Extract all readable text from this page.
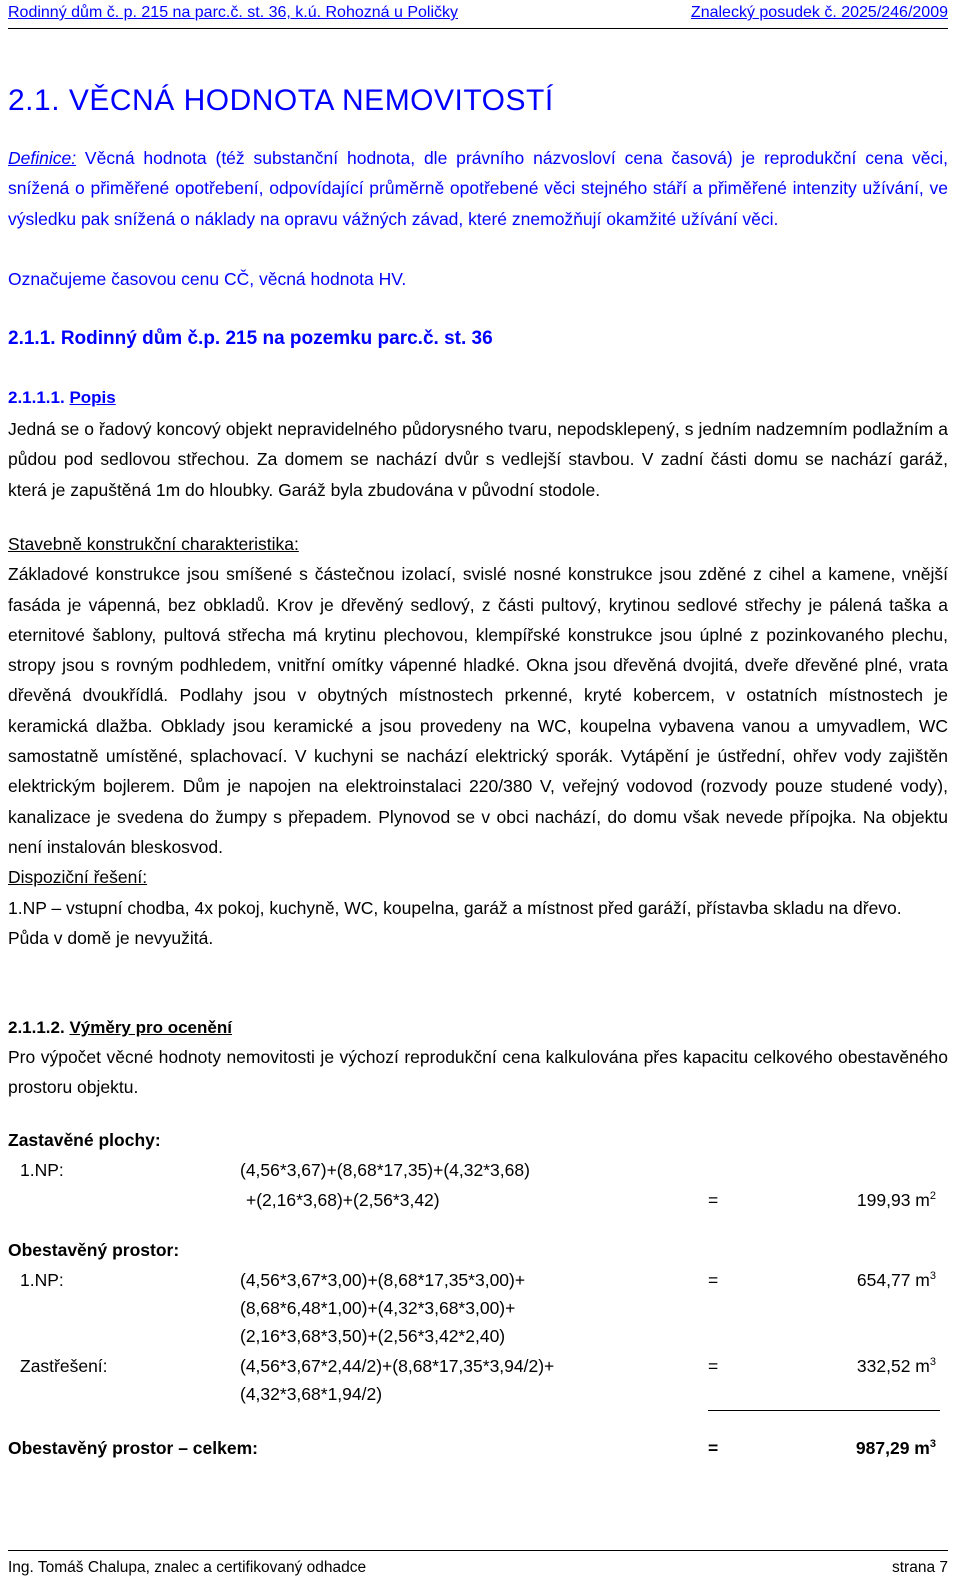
Rodinný dům č. p. 215 na parc.č. st. 36, k.ú. Rohozná u Poličky	Znalecký posudek č. 2025/246/2009
2.1. VĚCNÁ HODNOTA NEMOVITOSTÍ
Definice: Věcná hodnota (též substanční hodnota, dle právního názvosloví cena časová) je reprodukční cena věci, snížená o přiměřené opotřebení, odpovídající průměrně opotřebené věci stejného stáří a přiměřené intenzity užívání, ve výsledku pak snížená o náklady na opravu vážných závad, které znemožňují okamžité užívání věci.
Označujeme časovou cenu CČ, věcná hodnota HV.
2.1.1. Rodinný dům č.p. 215 na pozemku parc.č. st. 36
2.1.1.1. Popis
Jedná se o řadový koncový objekt nepravidelného půdorysného tvaru, nepodsklepený, s jedním nadzemním podlažním a půdou pod sedlovou střechou. Za domem se nachází dvůr s vedlejší stavbou. V zadní části domu se nachází garáž, která je zapuštěná 1m do hloubky. Garáž byla zbudována v původní stodole.
Stavebně konstrukční charakteristika:
Základové konstrukce jsou smíšené s částečnou izolací, svislé nosné konstrukce jsou zděné z cihel a kamene, vnější fasáda je vápenná, bez obkladů. Krov je dřevěný sedlový, z části pultový, krytinou sedlové střechy je pálená taška a eternitové šablony, pultová střecha má krytinu plechovou, klempířské konstrukce jsou úplné z pozinkovaného plechu, stropy jsou s rovným podhledem, vnitřní omítky vápenné hladké. Okna jsou dřevěná dvojitá, dveře dřevěné plné, vrata dřevěná dvoukřídlá. Podlahy jsou v obytných místnostech prkenné, kryté kobercem, v ostatních místnostech je keramická dlažba. Obklady jsou keramické a jsou provedeny na WC, koupelna vybavena vanou a umyvadlem, WC samostatně umístěné, splachovací. V kuchyni se nachází elektrický sporák. Vytápění je ústřední, ohřev vody zajištěn elektrickým bojlerem. Dům je napojen na elektroinstalaci 220/380 V, veřejný vodovod (rozvody pouze studené vody), kanalizace je svedena do žumpy s přepadem. Plynovod se v obci nachází, do domu však nevede přípojka. Na objektu není instalován bleskosvod.
Dispoziční řešení:
1.NP – vstupní chodba, 4x pokoj, kuchyně, WC, koupelna, garáž a místnost před garáží, přístavba skladu na dřevo.
Půda v domě je nevyužitá.
2.1.1.2. Výměry pro ocenění
Pro výpočet věcné hodnoty nemovitosti je výchozí reprodukční cena kalkulována přes kapacitu celkového obestavěného prostoru objektu.
Zastavěné plochy:
1.NP:	(4,56*3,67)+(8,68*17,35)+(4,32*3,68)
+(2,16*3,68)+(2,56*3,42)	=	199,93 $m^2$
Obestavěný prostor:
1.NP:	(4,56*3,67*3,00)+(8,68*17,35*3,00)+	=	654,77 $m^3$
(8,68*6,48*1,00)+(4,32*3,68*3,00)+
(2,16*3,68*3,50)+(2,56*3,42*2,40)
Zastřešení:	(4,56*3,67*2,44/2)+(8,68*17,35*3,94/2)+	=	332,52 $m^3$
(4,32*3,68*1,94/2)
Obestavěný prostor – celkem:	=	987,29 $m^3$
Ing. Tomáš Chalupa, znalec a certifikovaný odhadce	strana 7
